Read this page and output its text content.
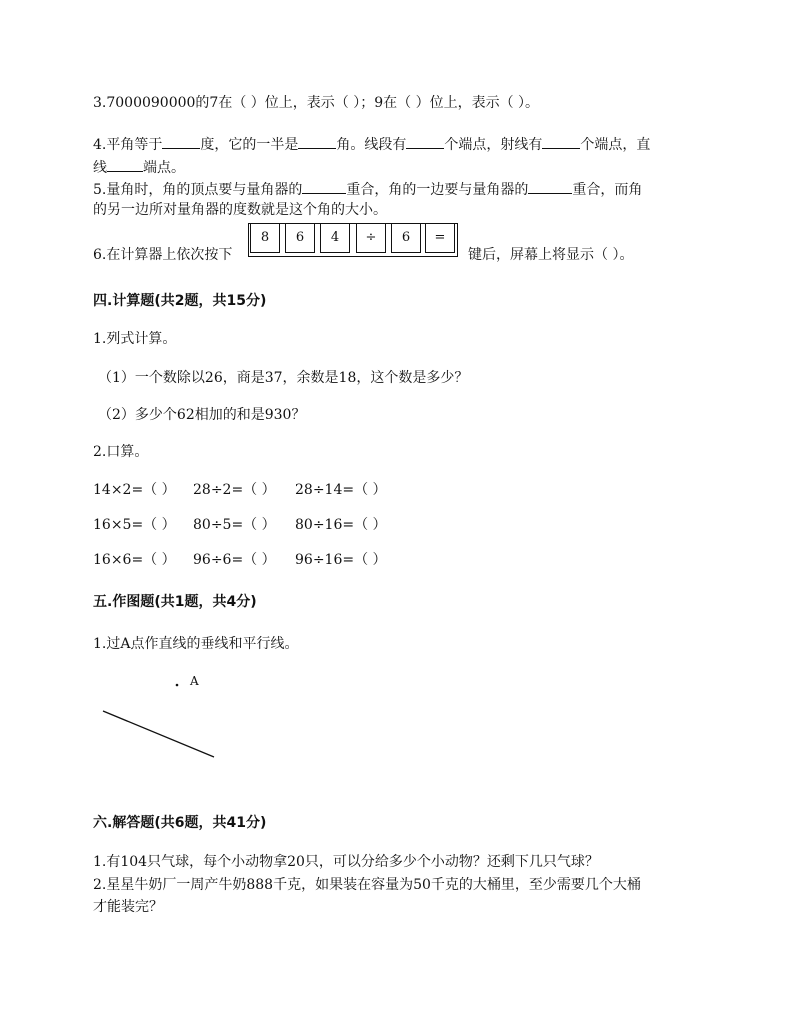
3.7000090000的7在（ ）位上，表示（ ）；9在（ ）位上，表示（ ）。
4.平角等于	度，它的一半是	角。线段有	个端点，射线有	个端点，直
线	端点。
5.量角时，角的顶点要与量角器的	重合，角的一边要与量角器的	重合，而角
的另一边所对量角器的度数就是这个角的大小。
6.在计算器上依次按下
8	6	4	÷	6	=
键后，屏幕上将显示（ ）。
四.计算题(共2题，共15分)
1.列式计算。
（1）一个数除以26，商是37，余数是18，这个数是多少？
（2）多少个62相加的和是930？
2.口算。
14×2=（ ） 28÷2=（ ） 28÷14=（ ）
16×5=（ ） 80÷5=（ ） 80÷16=（ ）
16×6=（ ） 96÷6=（ ） 96÷16=（ ）
五.作图题(共1题，共4分)
1.过A点作直线的垂线和平行线。
A
六.解答题(共6题，共41分)
1.有104只气球，每个小动物拿20只，可以分给多少个小动物？还剩下几只气球？
2.星星牛奶厂一周产牛奶888千克，如果装在容量为50千克的大桶里，至少需要几个大桶
才能装完？
